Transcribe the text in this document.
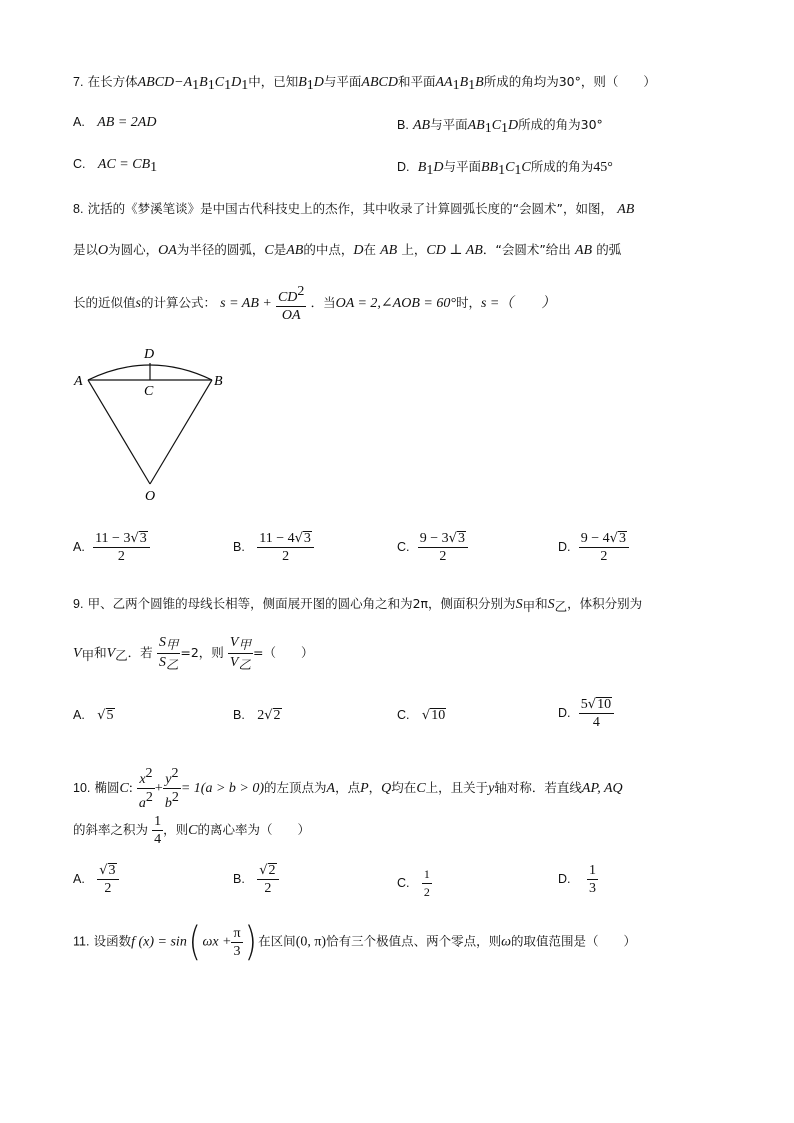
7. 在长方体$ABCD-A_1B_1C_1D_1$中，已知$B_1D$与平面ABCD和平面$AA_1B_1B$所成的角均为30°，则（　　）
A. AB = 2AD	B. AB与平面$AB_1C_1D$所成的角为30°
C. AC = $CB_1$	D. $B_1D$与平面$BB_1C_1C$所成的角为45°
8. 沈括的《梦溪笔谈》是中国古代科技史上的杰作，其中收录了计算圆弧长度的“会圆术”，如图， AB
是以O为圆心，OA为半径的圆弧，C是AB的中点，D在 AB 上，CD ⊥ AB．“会圆术”给出 AB 的弧
长的近似值s的计算公式： s = AB + $\frac{CD^2}{OA}$ ．当OA = 2,∠AOB = 60°时，s =（　　）
A	B
C
D
O
A. $\frac{11 - 3√3}{2}$	B. $\frac{11 - 4√3}{2}$	C. $\frac{9 - 3√3}{2}$	D. $\frac{9 - 4√3}{2}$
9. 甲、乙两个圆锥的母线长相等，侧面展开图的圆心角之和为2π，侧面积分别为$S_甲$和$S_乙$，体积分别为
$V_甲$和$V_乙$．若 $\frac{S_甲}{S_乙} =2$，则 $\frac{V_甲}{V_乙}$ =（　　）
A. √5	B. 2√2	C. √10	D. $\frac{5√10}{4}$
10. 椭圆C: $\frac{x^2}{a^2} + \frac{y^2}{b^2} = 1(a > b > 0)$的左顶点为A，点P，Q均在C上，且关于y轴对称．若直线AP, AQ
的斜率之积为 $\frac{1}{4}$ ，则C的离心率为（　　）
A. $\frac{√3}{2}$	B. $\frac{√2}{2}$	C. $\frac{1}{2}$	D. $\frac{1}{3}$
11. 设函数f (x) = sin( $\omega x + \frac{\pi}{3}$ ) 在区间(0, π)恰有三个极值点、两个零点，则ω的取值范围是（　　）
